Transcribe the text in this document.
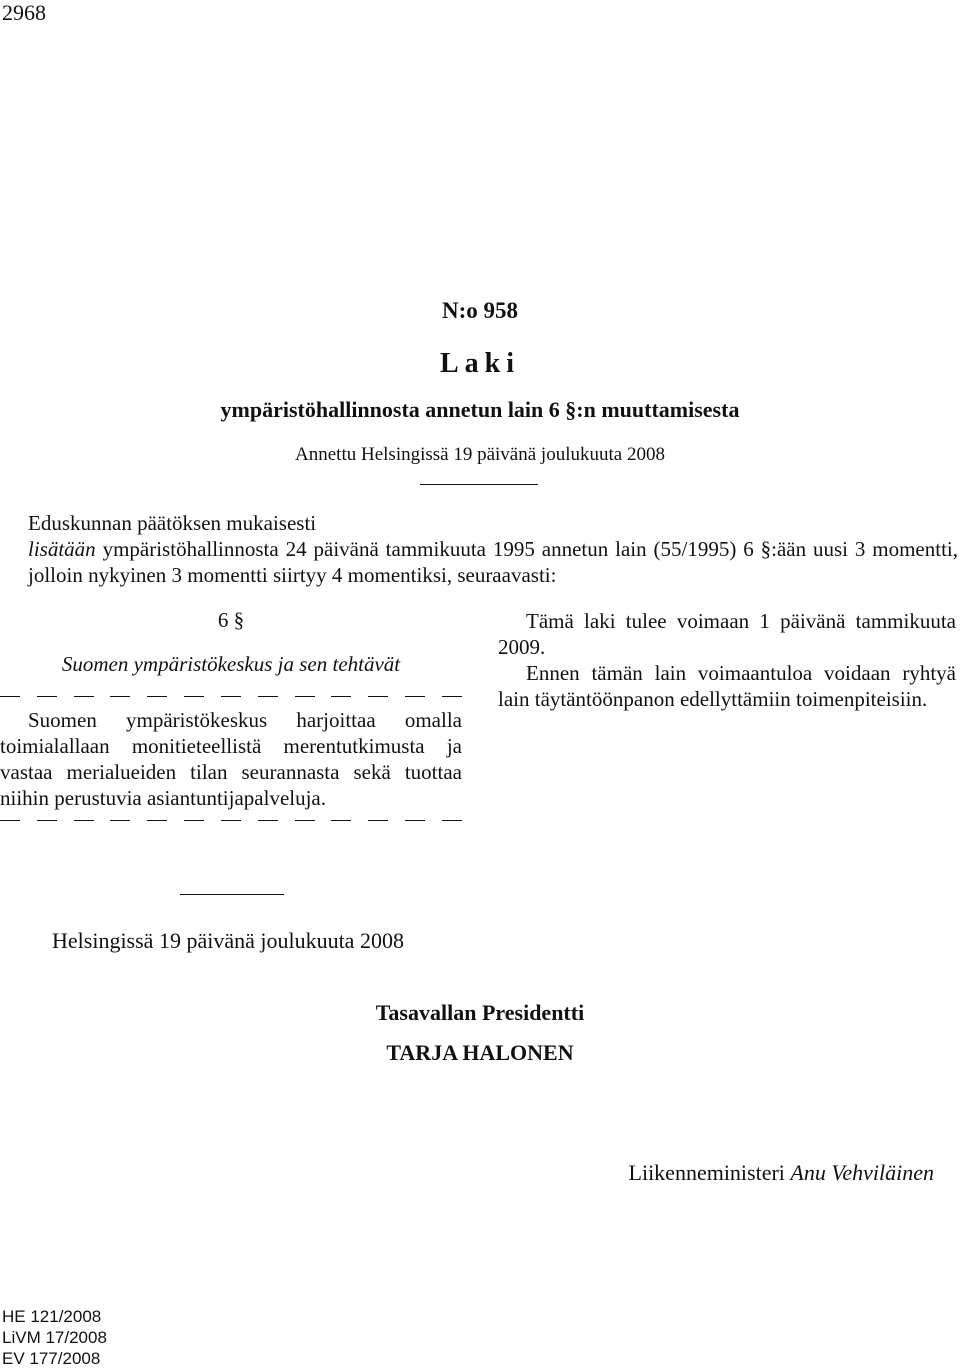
2968
N:o 958
Laki
ympäristöhallinnosta annetun lain 6 §:n muuttamisesta
Annettu Helsingissä 19 päivänä joulukuuta 2008
Eduskunnan päätöksen mukaisesti
lisätään ympäristöhallinnosta 24 päivänä tammikuuta 1995 annetun lain (55/1995) 6 §:ään uusi 3 momentti, jolloin nykyinen 3 momentti siirtyy 4 momentiksi, seuraavasti:
6 §
Suomen ympäristökeskus ja sen tehtävät

Suomen ympäristökeskus harjoittaa omalla toimialallaan monitieteellistä merentutkimusta ja vastaa merialueiden tilan seurannasta sekä tuottaa niihin perustuvia asiantuntijapalveluja.

Tämä laki tulee voimaan 1 päivänä tammikuuta 2009.

Ennen tämän lain voimaantuloa voidaan ryhtyä lain täytäntöönpanon edellyttämiin toimenpiteisiin.

Helsingissä 19 päivänä joulukuuta 2008
Tasavallan Presidentti
TARJA HALONEN
Liikenneministeri Anu Vehviläinen
HE 121/2008
LiVM 17/2008
EV 177/2008
